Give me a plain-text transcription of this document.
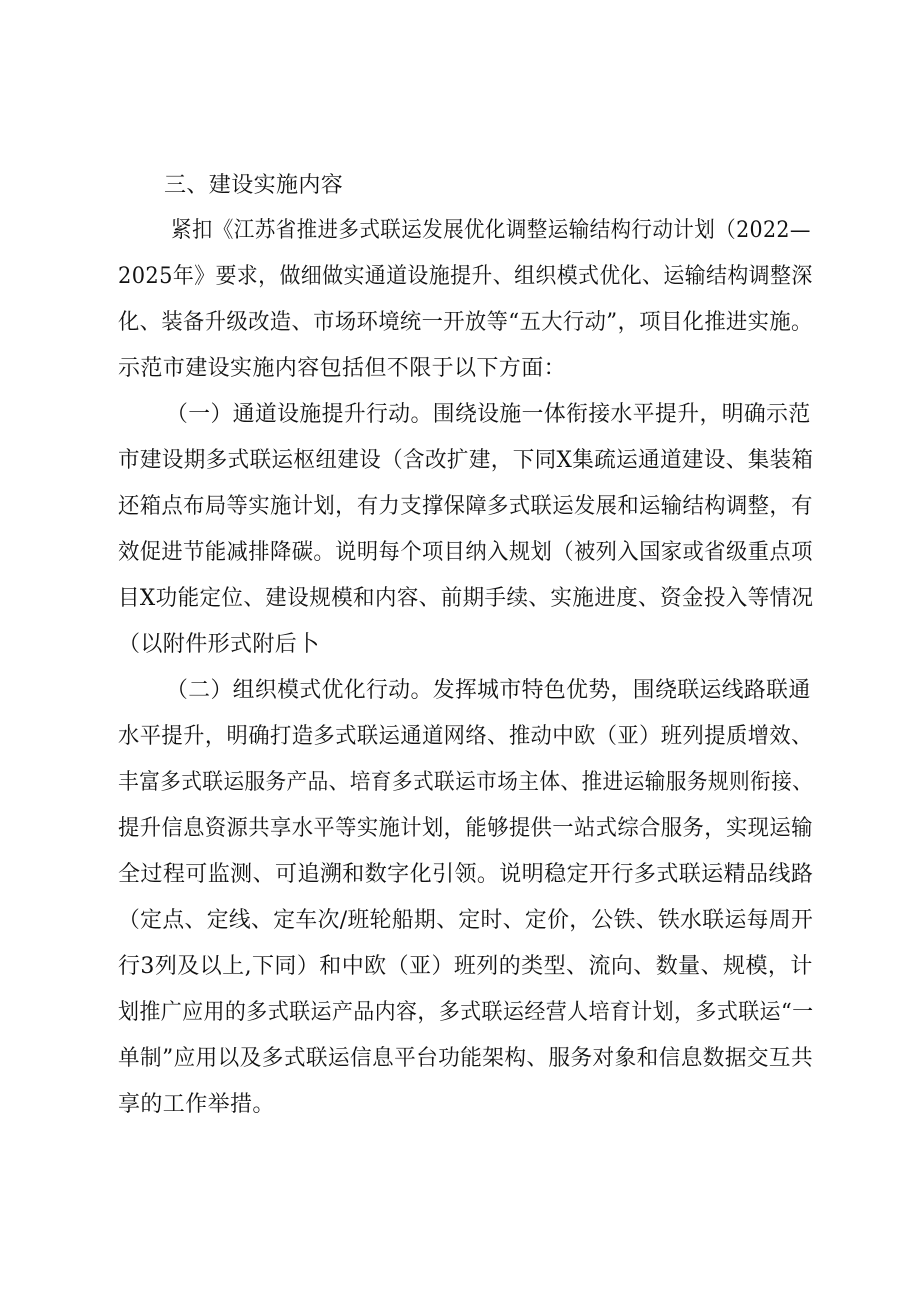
三、建设实施内容
紧扣《江苏省推进多式联运发展优化调整运输结构行动计划（2022—
2025年》要求，做细做实通道设施提升、组织模式优化、运输结构调整深
化、装备升级改造、市场环境统一开放等“五大行动”，项目化推进实施。
示范市建设实施内容包括但不限于以下方面：
（一）通道设施提升行动。围绕设施一体衔接水平提升，明确示范
市建设期多式联运枢纽建设（含改扩建，下同X集疏运通道建设、集装箱
还箱点布局等实施计划，有力支撑保障多式联运发展和运输结构调整，有
效促进节能减排降碳。说明每个项目纳入规划（被列入国家或省级重点项
目X功能定位、建设规模和内容、前期手续、实施进度、资金投入等情况
（以附件形式附后卜
（二）组织模式优化行动。发挥城市特色优势，围绕联运线路联通
水平提升，明确打造多式联运通道网络、推动中欧（亚）班列提质增效、
丰富多式联运服务产品、培育多式联运市场主体、推进运输服务规则衔接、
提升信息资源共享水平等实施计划，能够提供一站式综合服务，实现运输
全过程可监测、可追溯和数字化引领。说明稳定开行多式联运精品线路
（定点、定线、定车次/班轮船期、定时、定价，公铁、铁水联运每周开
行3列及以上,下同）和中欧（亚）班列的类型、流向、数量、规模，计
划推广应用的多式联运产品内容，多式联运经营人培育计划，多式联运“一
单制”应用以及多式联运信息平台功能架构、服务对象和信息数据交互共
享的工作举措。
